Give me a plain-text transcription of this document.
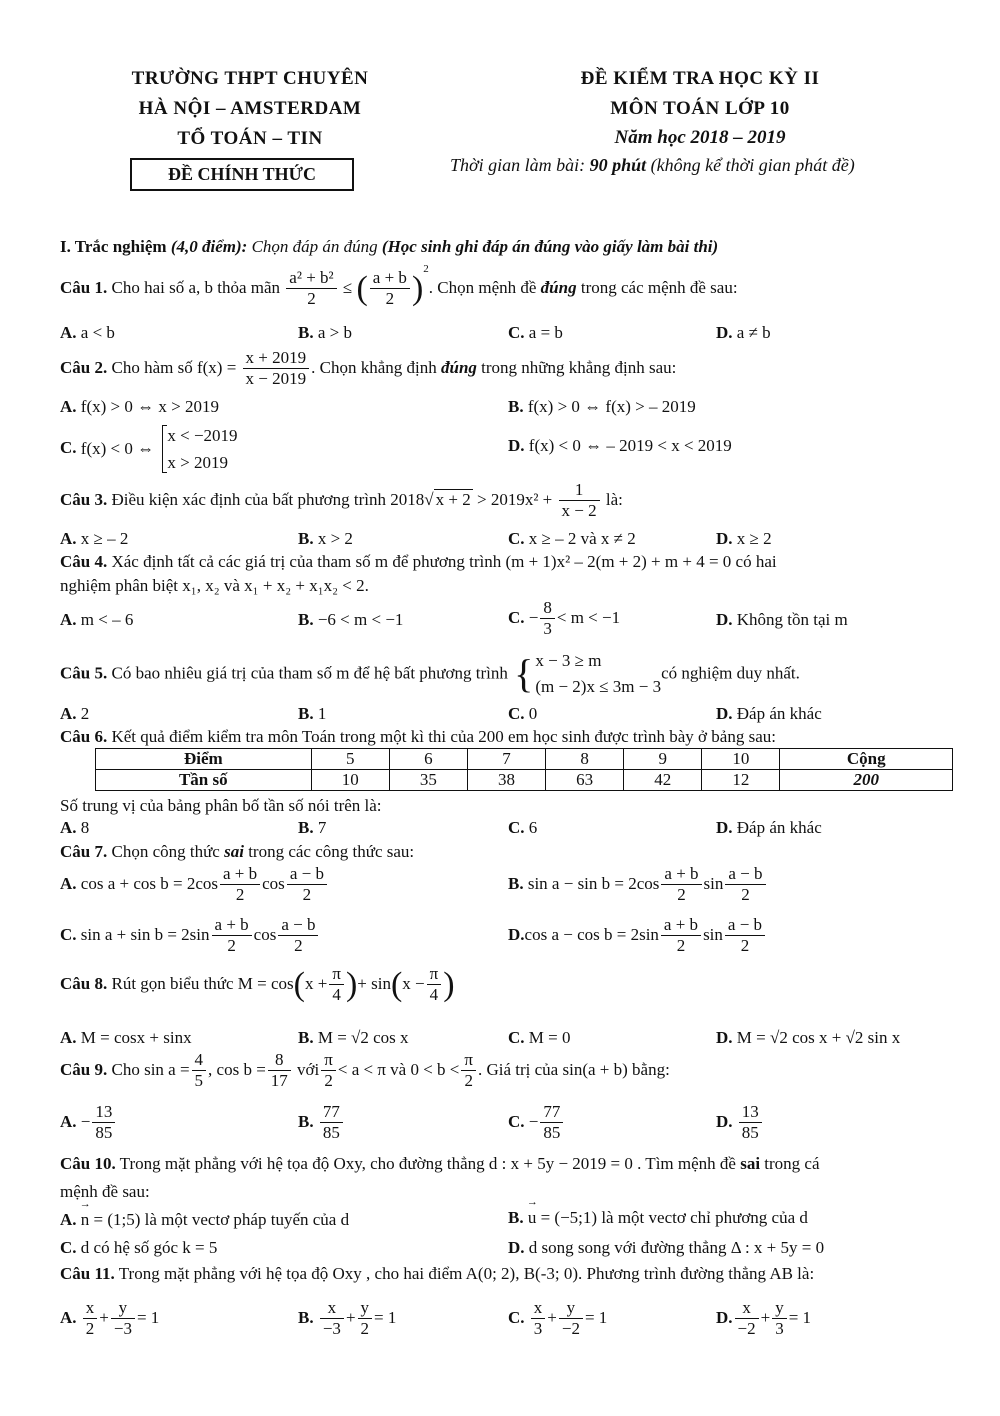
TRƯỜNG THPT CHUYÊN
HÀ NỘI – AMSTERDAM
TỔ TOÁN – TIN
ĐỀ CHÍNH THỨC
ĐỀ KIỂM TRA HỌC KỲ II
MÔN TOÁN LỚP 10
Năm học 2018 – 2019
Thời gian làm bài: 90 phút (không kể thời gian phát đề)
I. Trắc nghiệm (4,0 điểm): Chọn đáp án đúng (Học sinh ghi đáp án đúng vào giấy làm bài thi)
Câu 1. Cho hai số a, b thỏa mãn $\frac{\text{a² + b²}}{2}$ ≤ ( $\frac{a + b}{2} )^2$. Chọn mệnh đề đúng trong các mệnh đề sau:
A. a < b	B. a > b	C. a = b	D. a ≠ b
Câu 2. Cho hàm số $f(x) = \frac{x + 2019}{x - 2019}$ . Chọn khẳng định đúng trong những khẳng định sau:
A. f(x) > 0 ⇔ x > 2019	B. f(x) > 0 ⇔ f(x) > – 2019
C. f(x) < 0 ⇔ x < −2019
x > 2019
D. f(x) < 0 ⇔ – 2019 < x < 2019
Câu 3. Điều kiện xác định của bất phương trình 2018√ $x + 2 > 2019x^2 + \frac{1}{x - 2}$ là:
A. x ≥ – 2	B. x > 2	C. x ≥ – 2 và x ≠ 2	D. x ≥ 2
Câu 4. Xác định tất cả các giá trị của tham số m để phương trình (m + 1)x² – 2(m + 2) + m + 4 = 0 có hai
nghiệm phân biệt x₁, x₂ và x₁ + x₂ + x₁x₂ < 2.
A. m < – 6	B. −6 < m < −1	C. − $\frac{8}{3} < m < -1$	D. Không tồn tại m
Câu 5. Có bao nhiêu giá trị của tham số m để hệ bất phương trình { x − 3 ≥ m
(m − 2)x ≤ 3m − 3có nghiệm duy nhất.
A. 2	B. 1	C. 0	D. Đáp án khác
Câu 6. Kết quả điểm kiểm tra môn Toán trong một kì thi của 200 em học sinh được trình bày ở bảng sau:
Điểm	5	6	7	8	9	10	Cộng
Tần số	10	35	38	63	42	12	200
Số trung vị của bảng phân bố tần số nói trên là:
A. 8	B. 7	C. 6	D. Đáp án khác
Câu 7. Chọn công thức sai trong các công thức sau:
A. $\cos a + \cos b = 2\cos \frac{a + b}{2}$ $\cos \frac{a - b}{2}$	B. $\sin a - \sin b = 2\cos \frac{a + b}{2}$ $\sin \frac{a - b}{2}$
C. $\sin a + \sin b = 2\sin \frac{a + b}{2}$ $\cos \frac{a - b}{2}$	D.cos $a - \cos b = 2\sin \frac{a + b}{2}$ $\sin \frac{a - b}{2}$
Câu 8. Rút gọn biểu thức $M = \cos(x + \frac{\pi}{4}$ )+ $\sin(x - \frac{\pi}{4}$ )
A. M = cosx + sinx	B. M = √2 cos x	C. M = 0	D. M = √2 cos x + √2 sin x
Câu 9. Cho $\sin a = \frac{4}{5}$ , $\cos b = \frac{8}{17}$ với $\frac{\pi}{2} < a < \pi$ và $0 < b < \frac{\pi}{2}$ . Giá trị của sin(a + b) bằng:
A. − $\frac{13}{85}$	B. $\frac{77}{85}$	C. − $\frac{77}{85}$	D. $\frac{13}{85}$
Câu 10. Trong mặt phẳng với hệ tọa độ Oxy, cho đường thẳng d : x + 5y − 2019 = 0 . Tìm mệnh đề sai trong cá
mệnh đề sau:
A. → n = (1;5) là một vectơ pháp tuyến của d	B. → u = (−5;1) là một vectơ chỉ phương của d
C. d có hệ số góc k = 5	D. d song song với đường thẳng Δ : x + 5y = 0
Câu 11. Trong mặt phẳng với hệ tọa độ Oxy , cho hai điểm A(0; 2), B(-3; 0). Phương trình đường thẳng AB là:
A. $\frac{x}{2} + \frac{y}{-3} = 1$	B. $\frac{x}{-3} + \frac{y}{2} = 1$	C. $\frac{x}{3} + \frac{y}{-2} = 1$	D. $\frac{x}{-2} + \frac{y}{3} = 1$
